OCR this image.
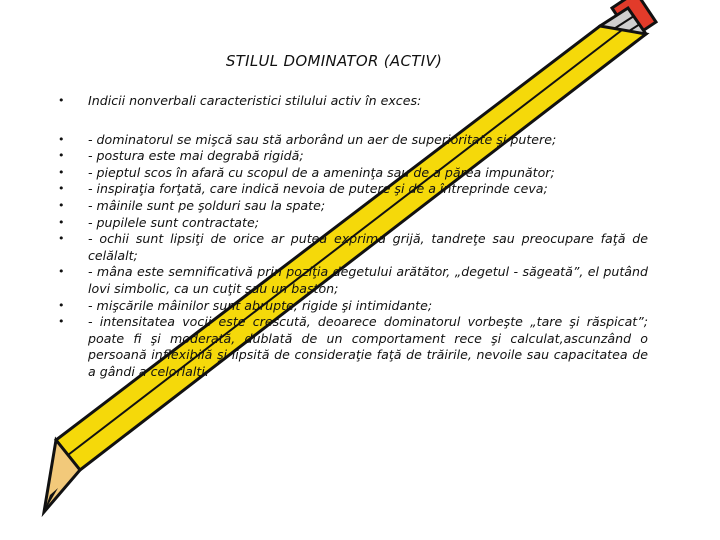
STILUL DOMINATOR (ACTIV)
• Indicii nonverbali caracteristici stilului activ în exces:
• - dominatorul se mişcă sau stă arborând un aer de superioritate şi putere;
• - postura este mai degrabă rigidă;
• - pieptul scos în afară cu scopul de a ameninţa sau de a părea impunător;
• - inspiraţia forţată, care indică nevoia de putere şi de a întreprinde ceva;
• - mâinile sunt pe şolduri sau la spate;
• - pupilele sunt contractate;
• - ochii sunt lipsiţi de orice ar putea exprima grijă, tandreţe sau preocupare faţă de celălalt;
• - mâna este semnificativă prin poziţia degetului arătător, „degetul - săgeată”, el putând lovi simbolic, ca un cuţit sau un baston;
• - mişcările mâinilor sunt abrupte, rigide şi intimidante;
• - intensitatea vocii este crescută, deoarece dominatorul vorbeşte „tare şi răspicat”; poate fi şi moderată, dublată de un comportament rece şi calculat,ascunzând o persoană inflexibilă şi lipsită de consideraţie faţă de trăirile, nevoile sau capacitatea de a gândi a celorlalţi.
